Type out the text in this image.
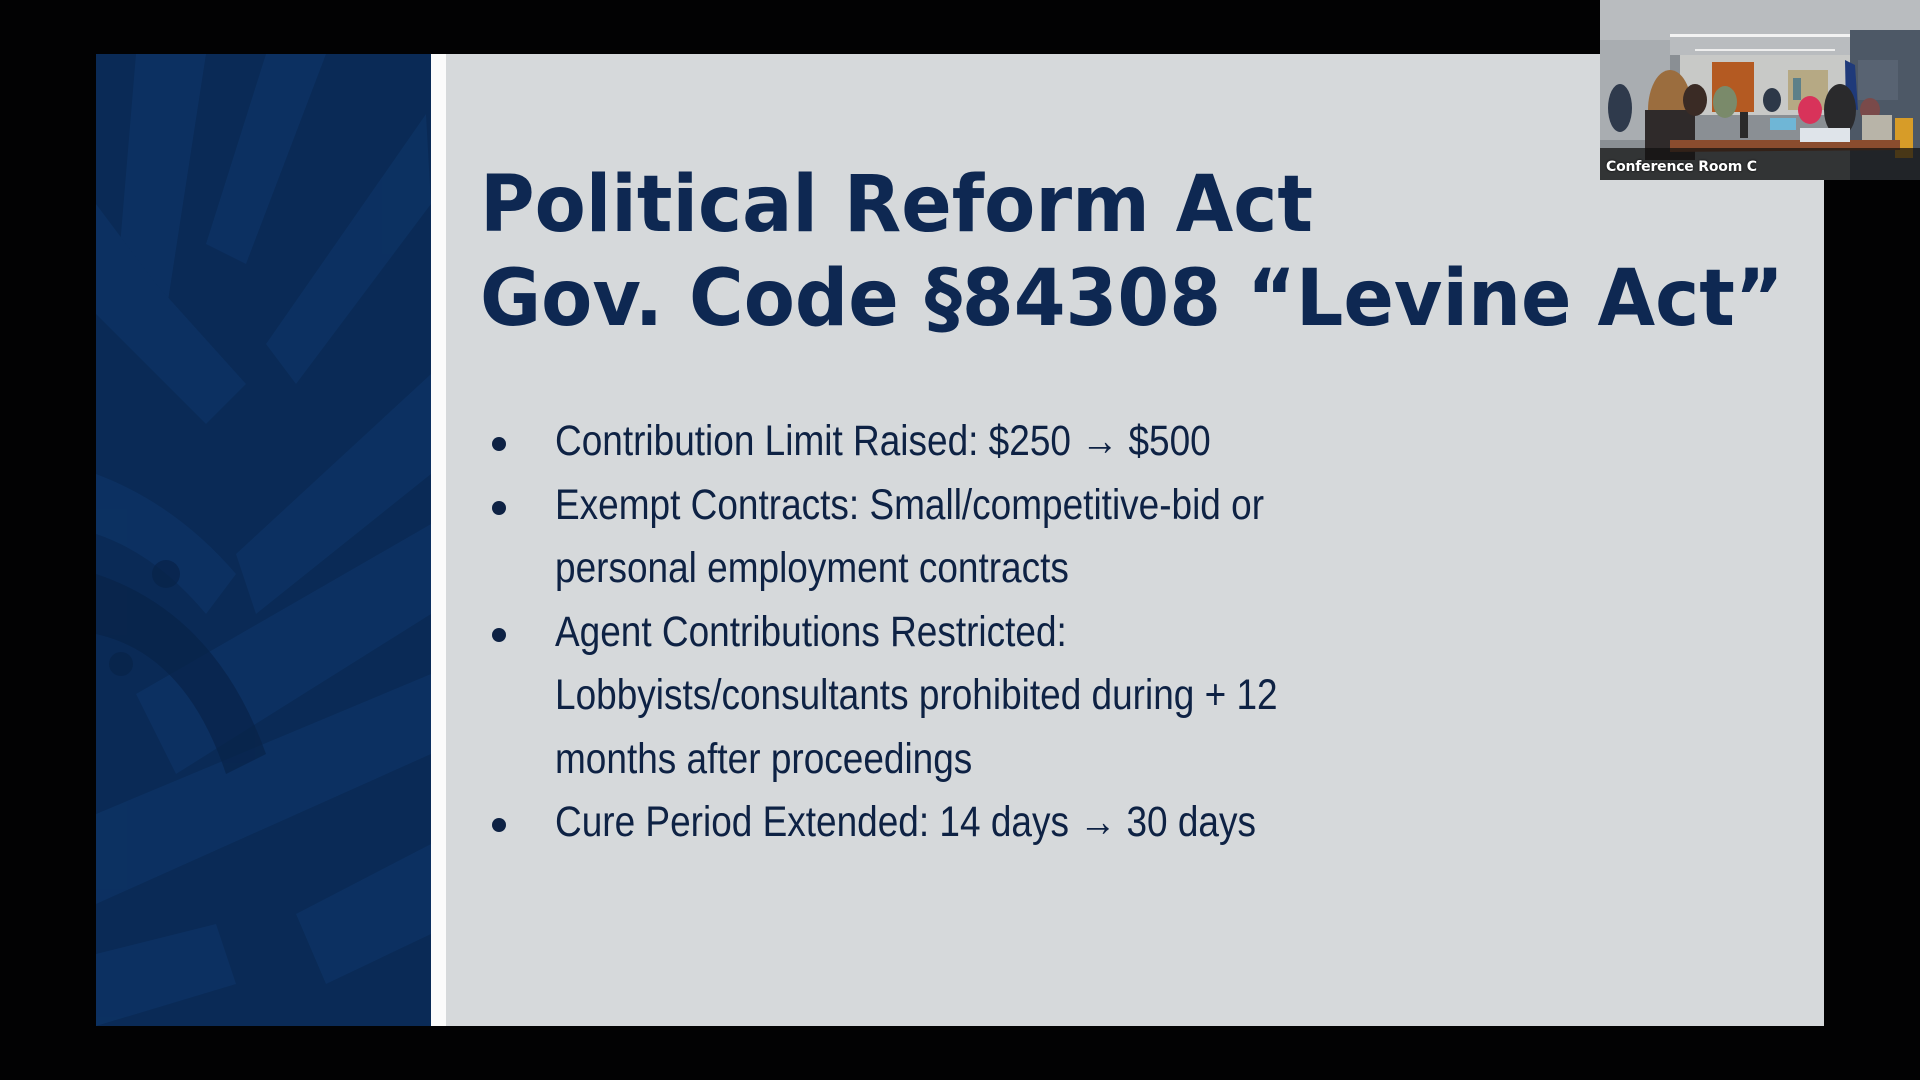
Political Reform Act
Gov. Code §84308 “Levine Act”
Contribution Limit Raised: $250 → $500
Exempt Contracts: Small/competitive-bid or
personal employment contracts
Agent Contributions Restricted:
Lobbyists/consultants prohibited during + 12
months after proceedings
Cure Period Extended: 14 days → 30 days
Conference Room C
